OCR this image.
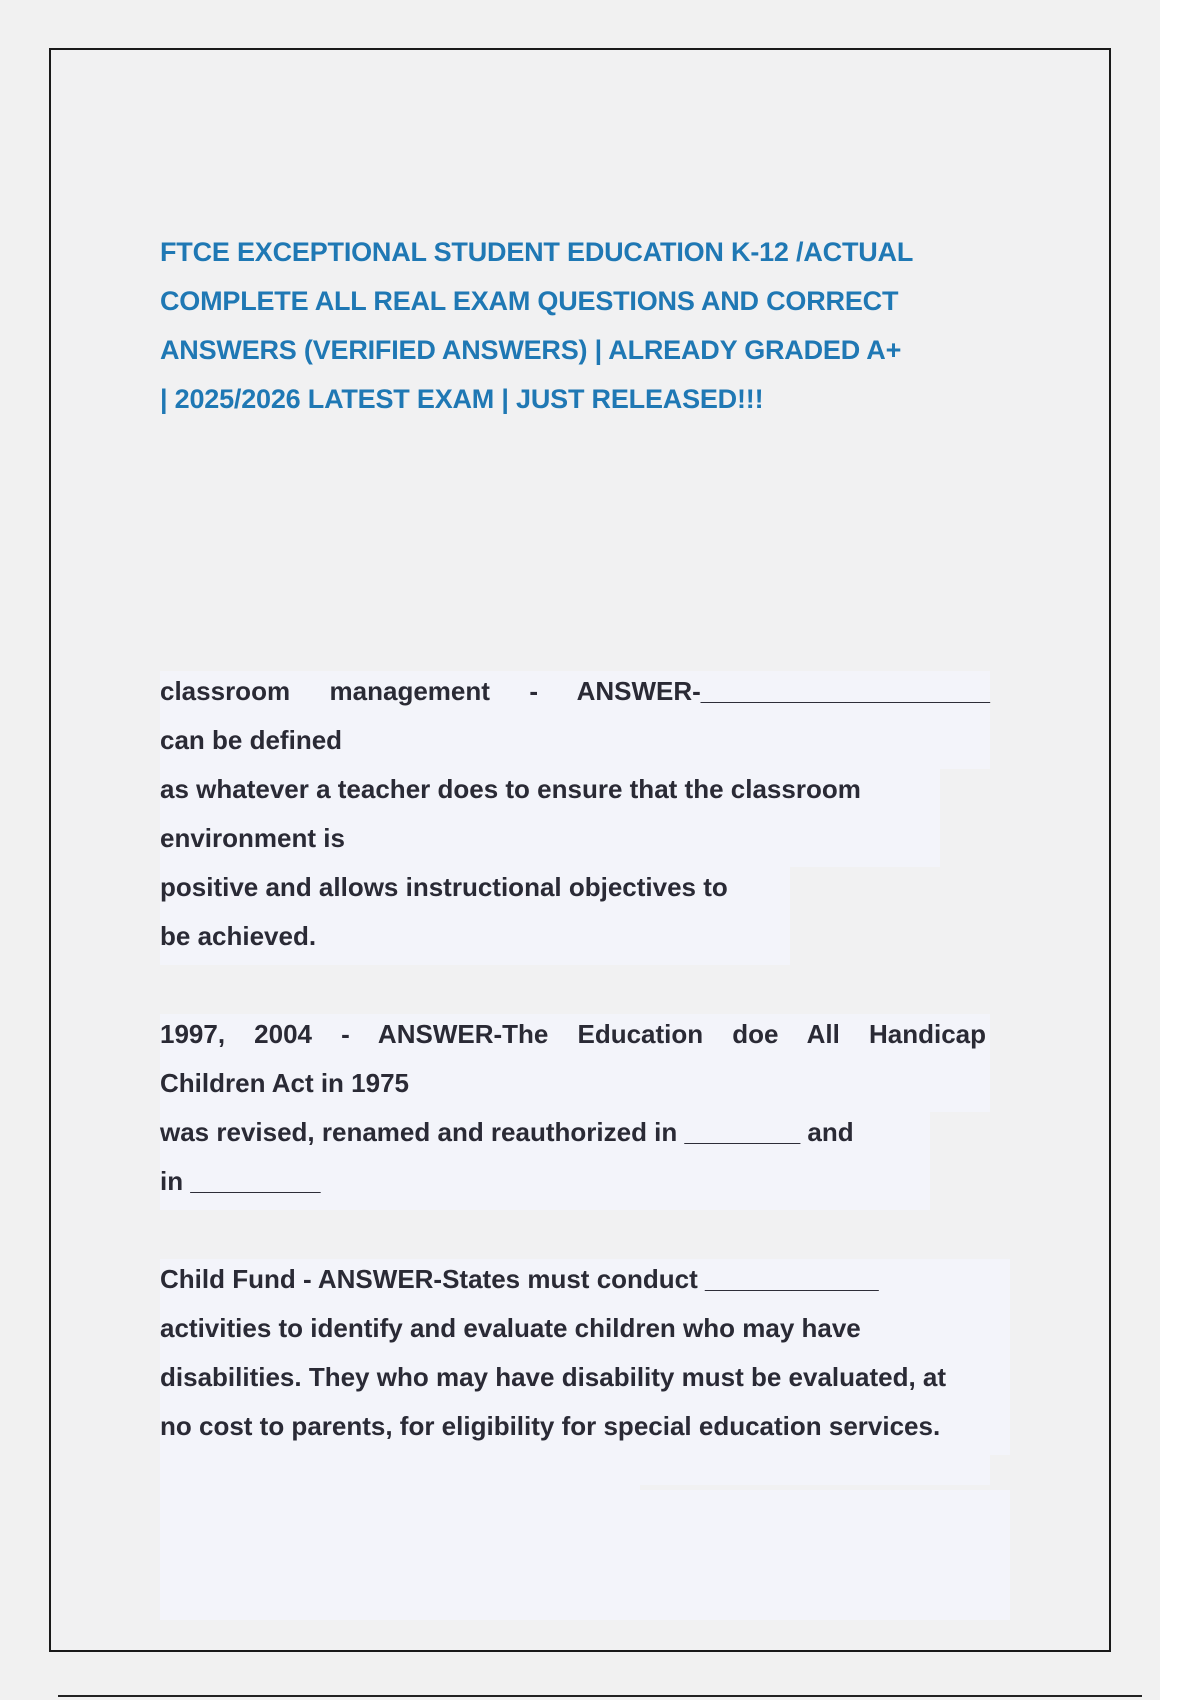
FTCE EXCEPTIONAL STUDENT EDUCATION K-12 /ACTUAL
COMPLETE ALL REAL EXAM QUESTIONS AND CORRECT
ANSWERS (VERIFIED ANSWERS) | ALREADY GRADED A+
| 2025/2026 LATEST EXAM | JUST RELEASED!!!
classroom management - ANSWER-____________________
can be defined
as whatever a teacher does to ensure that the classroom
environment is
positive and allows instructional objectives to
be achieved.
1997, 2004 - ANSWER-The Education doe All Handicap
Children Act in 1975
was revised, renamed and reauthorized in ________ and
in _________
Child Fund - ANSWER-States must conduct ____________
activities to identify and evaluate children who may have
disabilities. They who may have disability must be evaluated, at
no cost to parents, for eligibility for special education services.
